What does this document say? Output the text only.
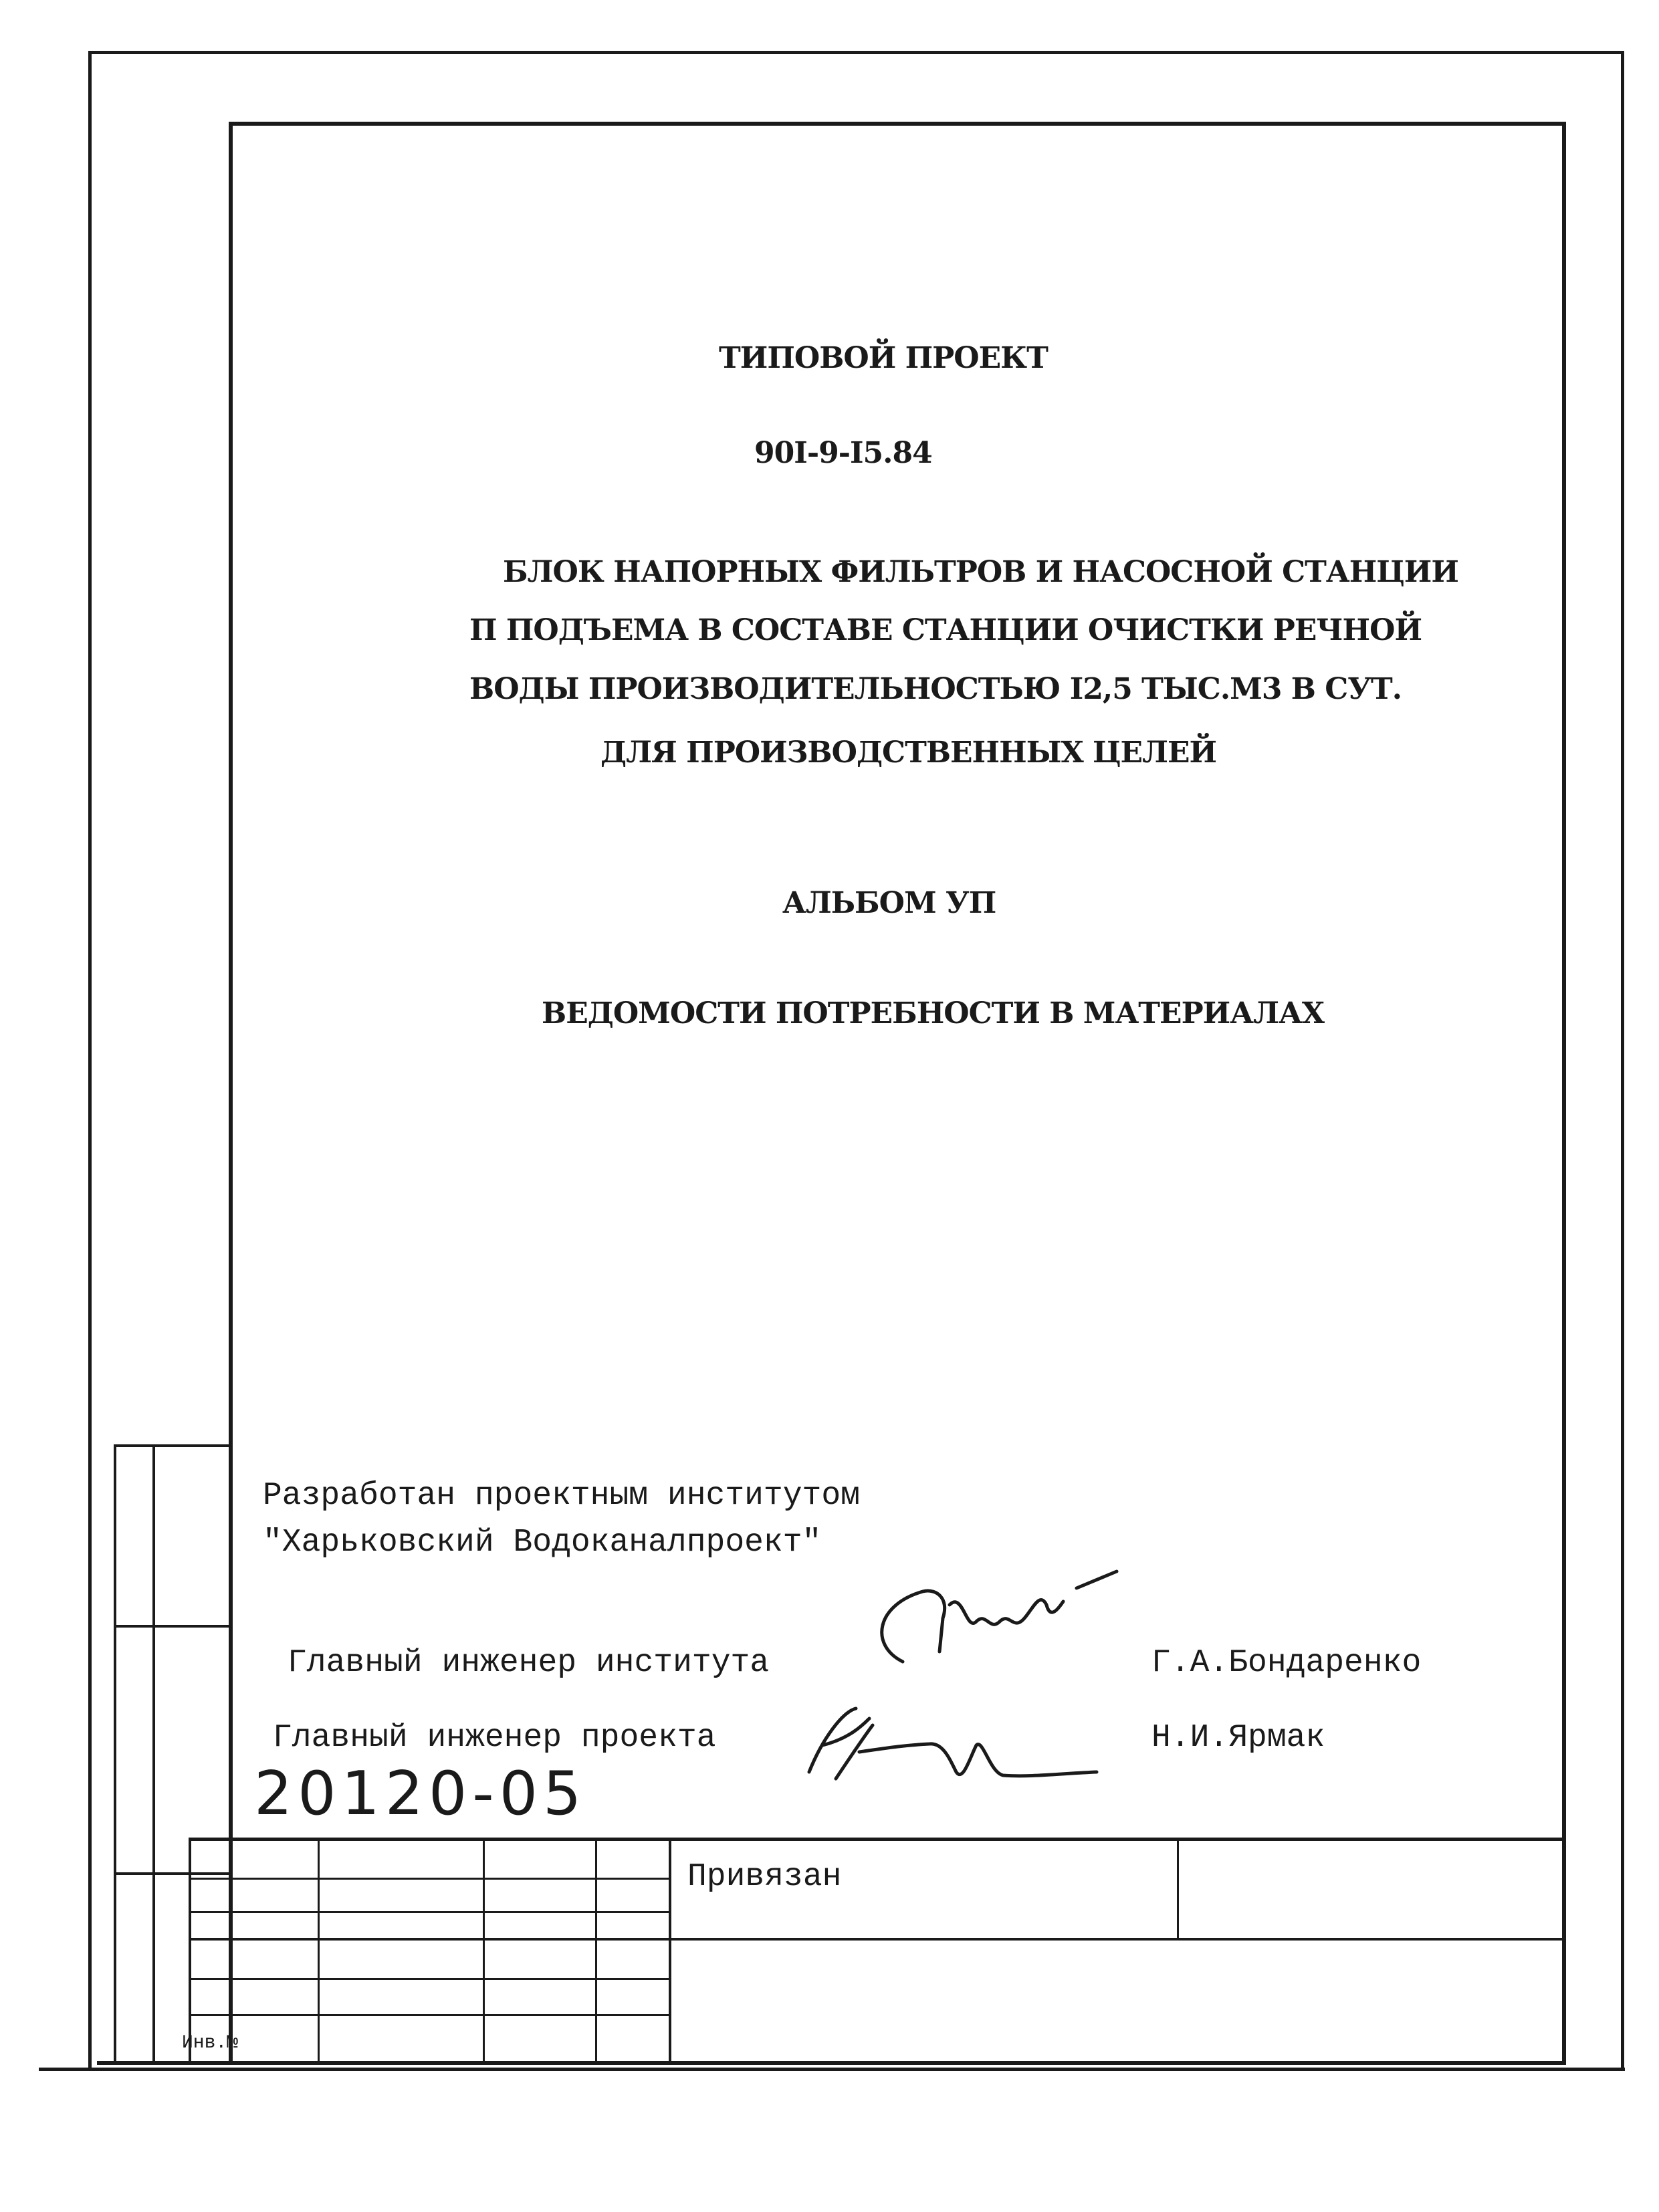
ТИПОВОЙ ПРОЕКТ
90I-9-I5.84
БЛОК НАПОРНЫХ ФИЛЬТРОВ И НАСОСНОЙ СТАНЦИИ
П ПОДЪЕМА В СОСТАВЕ СТАНЦИИ ОЧИСТКИ РЕЧНОЙ
ВОДЫ ПРОИЗВОДИТЕЛЬНОСТЬЮ I2,5 ТЫС.М3 В СУТ.
ДЛЯ ПРОИЗВОДСТВЕННЫХ ЦЕЛЕЙ
АЛЬБОМ УП
ВЕДОМОСТИ ПОТРЕБНОСТИ В МАТЕРИАЛАХ
Разработан проектным институтом
"Харьковский Водоканалпроект"
Главный инженер института	Г.А.Бондаренко
Главный инженер проекта	Н.И.Ярмак
20120-05
Привязан
Инв.№
